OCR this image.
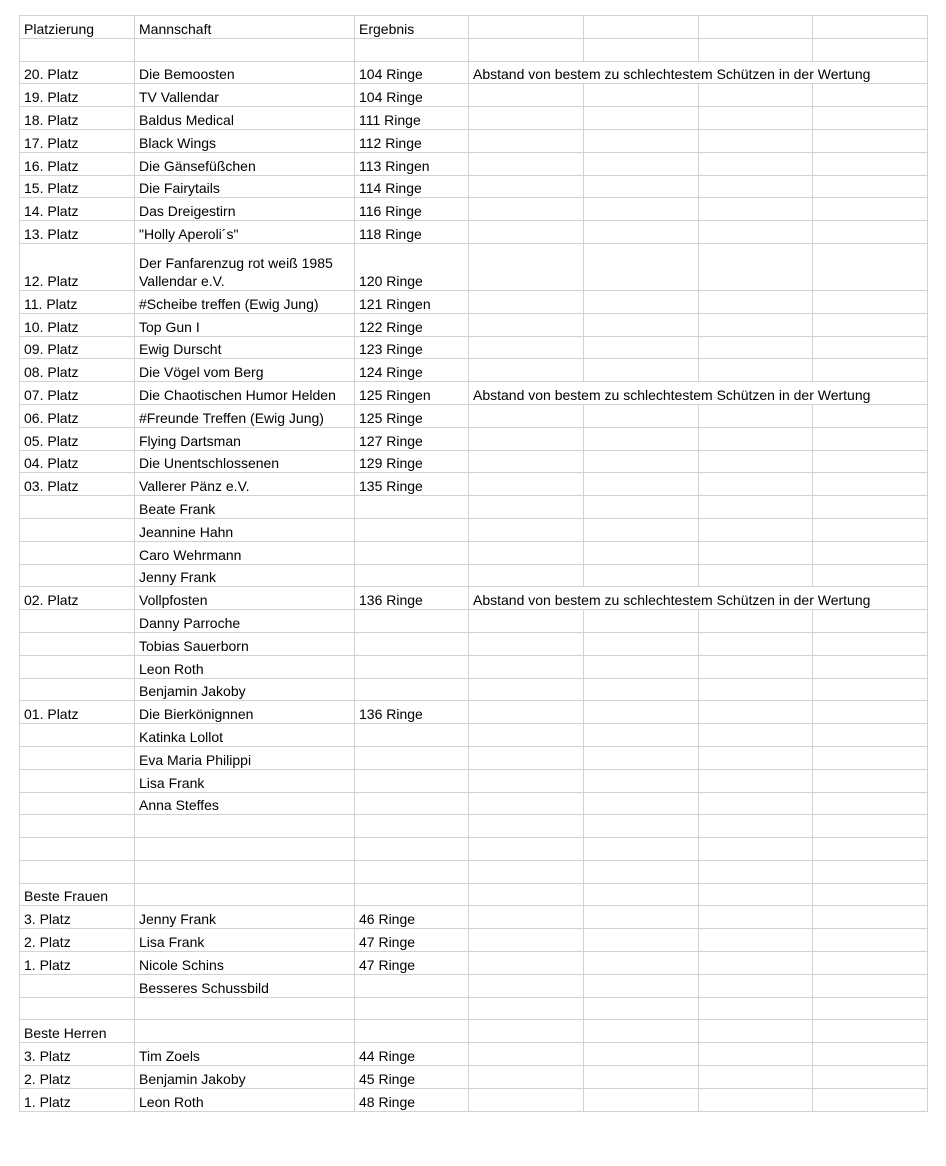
Platzierung	Mannschaft	Ergebnis				

20. Platz	Die Bemoosten	104 Ringe	Abstand von bestem zu schlechtestem Schützen in der Wertung			
19. Platz	TV Vallendar	104 Ringe				
18. Platz	Baldus Medical	111 Ringe				
17. Platz	Black Wings	112 Ringe				
16. Platz	Die Gänsefüßchen	113 Ringen				
15. Platz	Die Fairytails	114 Ringe				
14. Platz	Das Dreigestirn	116 Ringe				
13. Platz	"Holly Aperoli´s"	118 Ringe				
12. Platz	Der Fanfarenzug rot weiß 1985 Vallendar e.V.	120 Ringe				
11. Platz	#Scheibe treffen (Ewig Jung)	121 Ringen				
10. Platz	Top Gun I	122 Ringe				
09. Platz	Ewig Durscht	123 Ringe				
08. Platz	Die Vögel vom Berg	124 Ringe				
07. Platz	Die Chaotischen Humor Helden	125 Ringen	Abstand von bestem zu schlechtestem Schützen in der Wertung			
06. Platz	#Freunde Treffen (Ewig Jung)	125 Ringe				
05. Platz	Flying Dartsman	127 Ringe				
04. Platz	Die Unentschlossenen	129 Ringe				
03. Platz	Vallerer Pänz e.V.	135 Ringe				
	Beate Frank					
	Jeannine Hahn					
	Caro Wehrmann					
	Jenny Frank					
02. Platz	Vollpfosten	136 Ringe	Abstand von bestem zu schlechtestem Schützen in der Wertung			
	Danny Parroche					
	Tobias Sauerborn					
	Leon Roth					
	Benjamin Jakoby					
01. Platz	Die Bierkönignnen	136 Ringe				
	Katinka Lollot					
	Eva Maria Philippi					
	Lisa Frank					
	Anna Steffes					

Beste Frauen						
3. Platz	Jenny Frank	46 Ringe				
2. Platz	Lisa Frank	47 Ringe				
1. Platz	Nicole Schins	47 Ringe				
	Besseres Schussbild					

Beste Herren						
3. Platz	Tim Zoels	44 Ringe				
2. Platz	Benjamin Jakoby	45 Ringe				
1. Platz	Leon Roth	48 Ringe				
